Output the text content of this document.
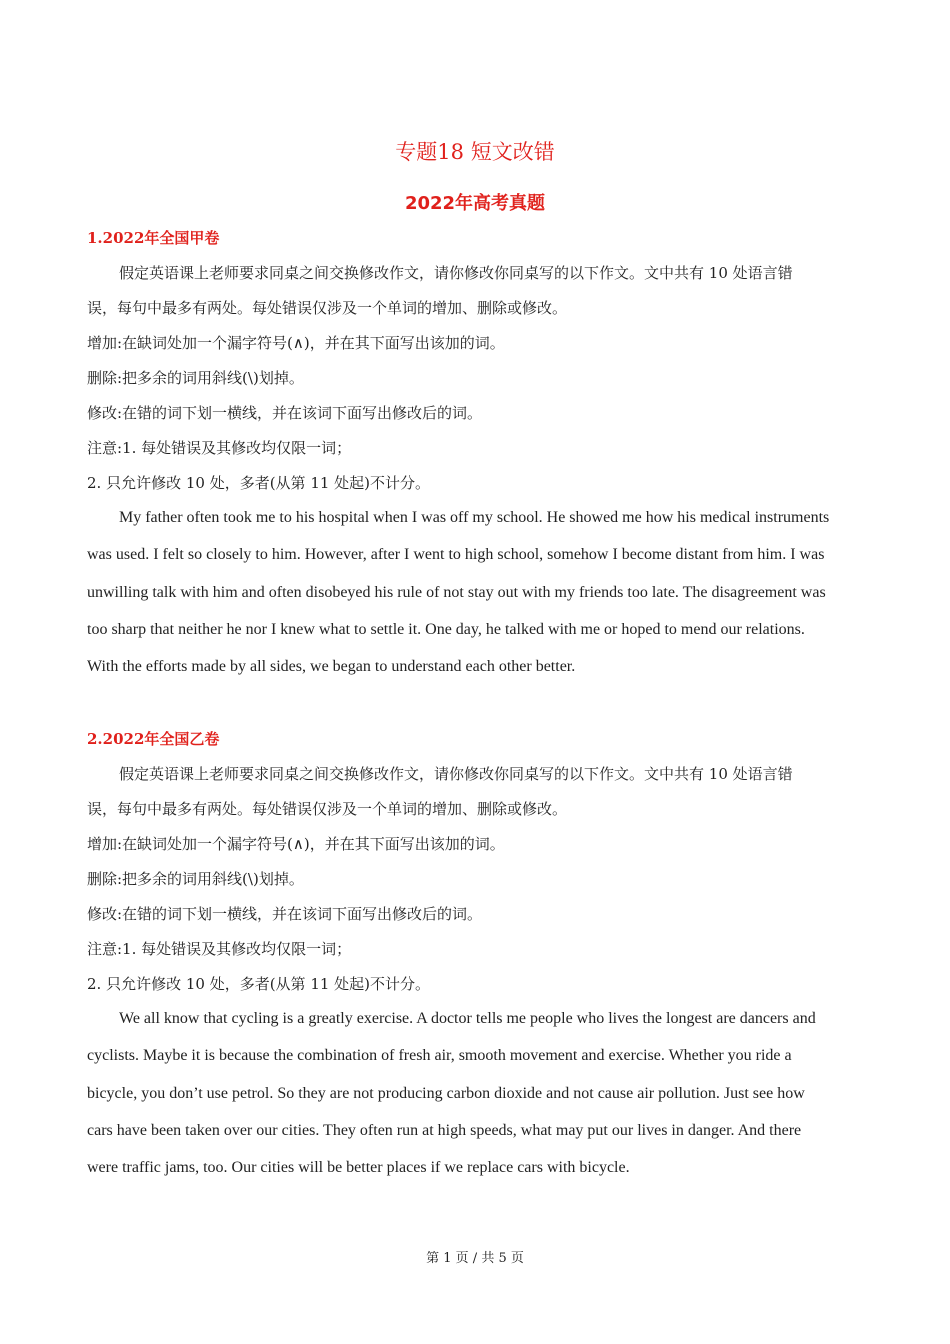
专题18 短文改错
2022年高考真题
1.2022年全国甲卷
假定英语课上老师要求同桌之间交换修改作文，请你修改你同桌写的以下作文。文中共有 10 处语言错
误，每句中最多有两处。每处错误仅涉及一个单词的增加、删除或修改。
增加:在缺词处加一个漏字符号(∧)，并在其下面写出该加的词。
删除:把多余的词用斜线(\)划掉。
修改:在错的词下划一横线，并在该词下面写出修改后的词。
注意:1. 每处错误及其修改均仅限一词；
2. 只允许修改 10 处，多者(从第 11 处起)不计分。
My father often took me to his hospital when I was off my school. He showed me how his medical instruments
was used. I felt so closely to him. However, after I went to high school, somehow I become distant from him. I was
unwilling talk with him and often disobeyed his rule of not stay out with my friends too late. The disagreement was
too sharp that neither he nor I knew what to settle it. One day, he talked with me or hoped to mend our relations.
With the efforts made by all sides, we began to understand each other better.
2.2022年全国乙卷
假定英语课上老师要求同桌之间交换修改作文，请你修改你同桌写的以下作文。文中共有 10 处语言错
误，每句中最多有两处。每处错误仅涉及一个单词的增加、删除或修改。
增加:在缺词处加一个漏字符号(∧)，并在其下面写出该加的词。
删除:把多余的词用斜线(\)划掉。
修改:在错的词下划一横线，并在该词下面写出修改后的词。
注意:1. 每处错误及其修改均仅限一词；
2. 只允许修改 10 处，多者(从第 11 处起)不计分。
We all know that cycling is a greatly exercise. A doctor tells me people who lives the longest are dancers and
cyclists. Maybe it is because the combination of fresh air, smooth movement and exercise. Whether you ride a
bicycle, you don’t use petrol. So they are not producing carbon dioxide and not cause air pollution. Just see how
cars have been taken over our cities. They often run at high speeds, what may put our lives in danger. And there
were traffic jams, too. Our cities will be better places if we replace cars with bicycle.
第 1 页 / 共 5 页
